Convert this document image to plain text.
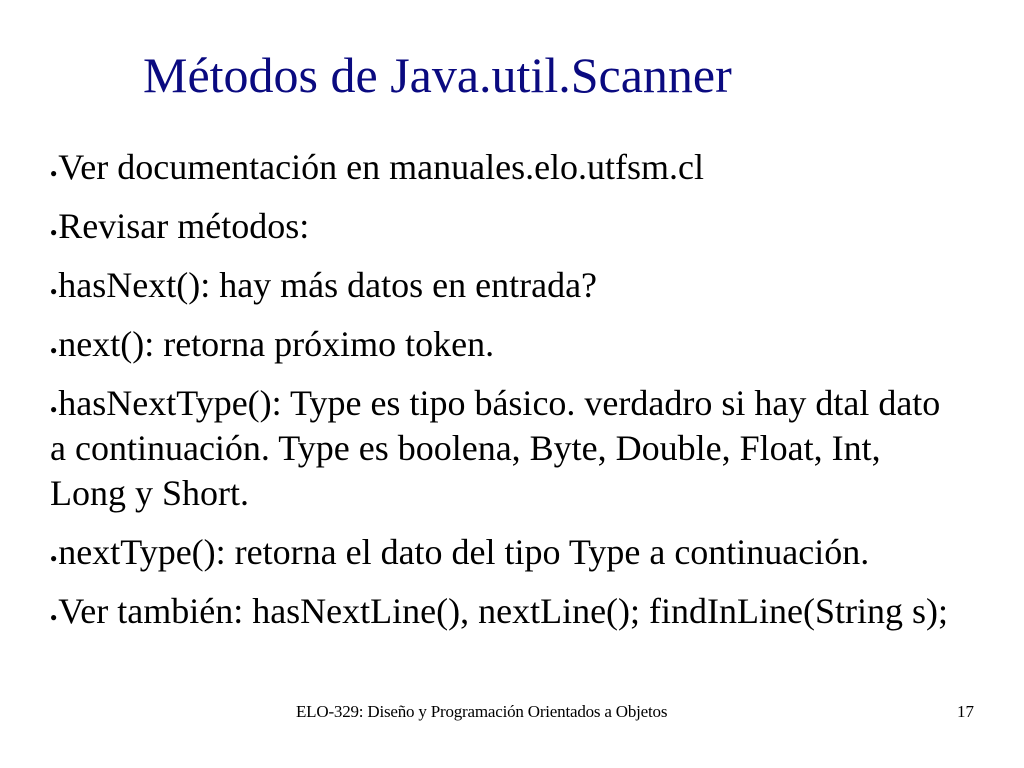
Métodos de Java.util.Scanner
●Ver documentación en manuales.elo.utfsm.cl
●Revisar métodos:
●hasNext(): hay más datos en entrada?
●next(): retorna próximo token.
●hasNextType(): Type es tipo básico. verdadro si hay dtal dato a continuación. Type es boolena, Byte, Double, Float, Int, Long y Short.
●nextType(): retorna el dato del tipo Type a continuación.
●Ver también: hasNextLine(), nextLine(); findInLine(String s);
ELO-329: Diseño y Programación Orientados a Objetos	17
